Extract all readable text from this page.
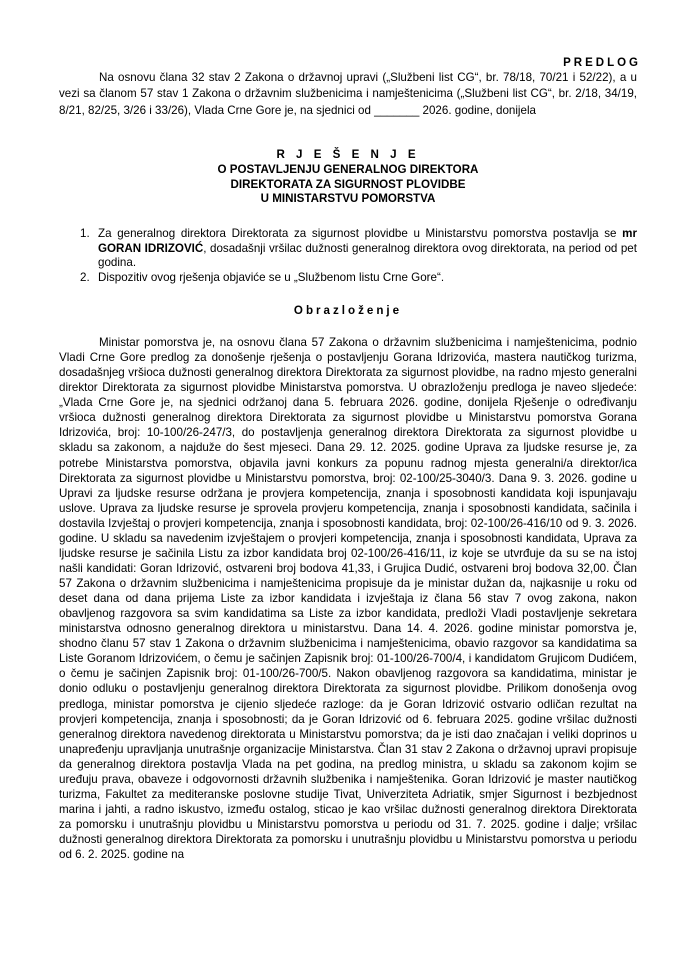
PREDLOG

Na osnovu člana 32 stav 2 Zakona o državnoj upravi („Službeni list CG“, br. 78/18, 70/21 i 52/22), a u vezi sa članom 57 stav 1 Zakona o državnim službenicima i namještenicima („Službeni list CG“, br. 2/18, 34/19, 8/21, 82/25, 3/26 i 33/26), Vlada Crne Gore je, na sjednici od _______ 2026. godine, donijela

R J E Š E N J E
O POSTAVLJENJU GENERALNOG DIREKTORA
DIREKTORATA ZA SIGURNOST PLOVIDBE
U MINISTARSTVU POMORSTVA
1. Za generalnog direktora Direktorata za sigurnost plovidbe u Ministarstvu pomorstva postavlja se mr GORAN IDRIZOVIĆ, dosadašnji vršilac dužnosti generalnog direktora ovog direktorata, na period od pet godina.
2. Dispozitiv ovog rješenja objaviće se u „Službenom listu Crne Gore“.
Obrazloženje

Ministar pomorstva je, na osnovu člana 57 Zakona o državnim službenicima i namještenicima, podnio Vladi Crne Gore predlog za donošenje rješenja o postavljenju Gorana Idrizovića, mastera nautičkog turizma, dosadašnjeg vršioca dužnosti generalnog direktora Direktorata za sigurnost plovidbe, na radno mjesto generalni direktor Direktorata za sigurnost plovidbe Ministarstva pomorstva. U obrazloženju predloga je naveo sljedeće: „Vlada Crne Gore je, na sjednici održanoj dana 5. februara 2026. godine, donijela Rješenje o određivanju vršioca dužnosti generalnog direktora Direktorata za sigurnost plovidbe u Ministarstvu pomorstva Gorana Idrizovića, broj: 10-100/26-247/3, do postavljenja generalnog direktora Direktorata za sigurnost plovidbe u skladu sa zakonom, a najduže do šest mjeseci. Dana 29. 12. 2025. godine Uprava za ljudske resurse je, za potrebe Ministarstva pomorstva, objavila javni konkurs za popunu radnog mjesta generalni/a direktor/ica Direktorata za sigurnost plovidbe u Ministarstvu pomorstva, broj: 02-100/25-3040/3. Dana 9. 3. 2026. godine u Upravi za ljudske resurse održana je provjera kompetencija, znanja i sposobnosti kandidata koji ispunjavaju uslove. Uprava za ljudske resurse je sprovela provjeru kompetencija, znanja i sposobnosti kandidata, sačinila i dostavila Izvještaj o provjeri kompetencija, znanja i sposobnosti kandidata, broj: 02-100/26-416/10 od 9. 3. 2026. godine. U skladu sa navedenim izvještajem o provjeri kompetencija, znanja i sposobnosti kandidata, Uprava za ljudske resurse je sačinila Listu za izbor kandidata broj 02-100/26-416/11, iz koje se utvrđuje da su se na istoj našli kandidati: Goran Idrizović, ostvareni broj bodova 41,33, i Grujica Dudić, ostvareni broj bodova 32,00. Član 57 Zakona o državnim službenicima i namještenicima propisuje da je ministar dužan da, najkasnije u roku od deset dana od dana prijema Liste za izbor kandidata i izvještaja iz člana 56 stav 7 ovog zakona, nakon obavljenog razgovora sa svim kandidatima sa Liste za izbor kandidata, predloži Vladi postavljenje sekretara ministarstva odnosno generalnog direktora u ministarstvu. Dana 14. 4. 2026. godine ministar pomorstva je, shodno članu 57 stav 1 Zakona o državnim službenicima i namještenicima, obavio razgovor sa kandidatima sa Liste Goranom Idrizovićem, o čemu je sačinjen Zapisnik broj: 01-100/26-700/4, i kandidatom Grujicom Dudićem, o čemu je sačinjen Zapisnik broj: 01-100/26-700/5. Nakon obavljenog razgovora sa kandidatima, ministar je donio odluku o postavljenju generalnog direktora Direktorata za sigurnost plovidbe. Prilikom donošenja ovog predloga, ministar pomorstva je cijenio sljedeće razloge: da je Goran Idrizović ostvario odličan rezultat na provjeri kompetencija, znanja i sposobnosti; da je Goran Idrizović od 6. februara 2025. godine vršilac dužnosti generalnog direktora navedenog direktorata u Ministarstvu pomorstva; da je isti dao značajan i veliki doprinos u unapređenju upravljanja unutrašnje organizacije Ministarstva. Član 31 stav 2 Zakona o državnoj upravi propisuje da generalnog direktora postavlja Vlada na pet godina, na predlog ministra, u skladu sa zakonom kojim se uređuju prava, obaveze i odgovornosti državnih službenika i namještenika. Goran Idrizović je master nautičkog turizma, Fakultet za mediteranske poslovne studije Tivat, Univerziteta Adriatik, smjer Sigurnost i bezbjednost marina i jahti, a radno iskustvo, između ostalog, sticao je kao vršilac dužnosti generalnog direktora Direktorata za pomorsku i unutrašnju plovidbu u Ministarstvu pomorstva u periodu od 31. 7. 2025. godine i dalje; vršilac dužnosti generalnog direktora Direktorata za pomorsku i unutrašnju plovidbu u Ministarstvu pomorstva u periodu od 6. 2. 2025. godine na
